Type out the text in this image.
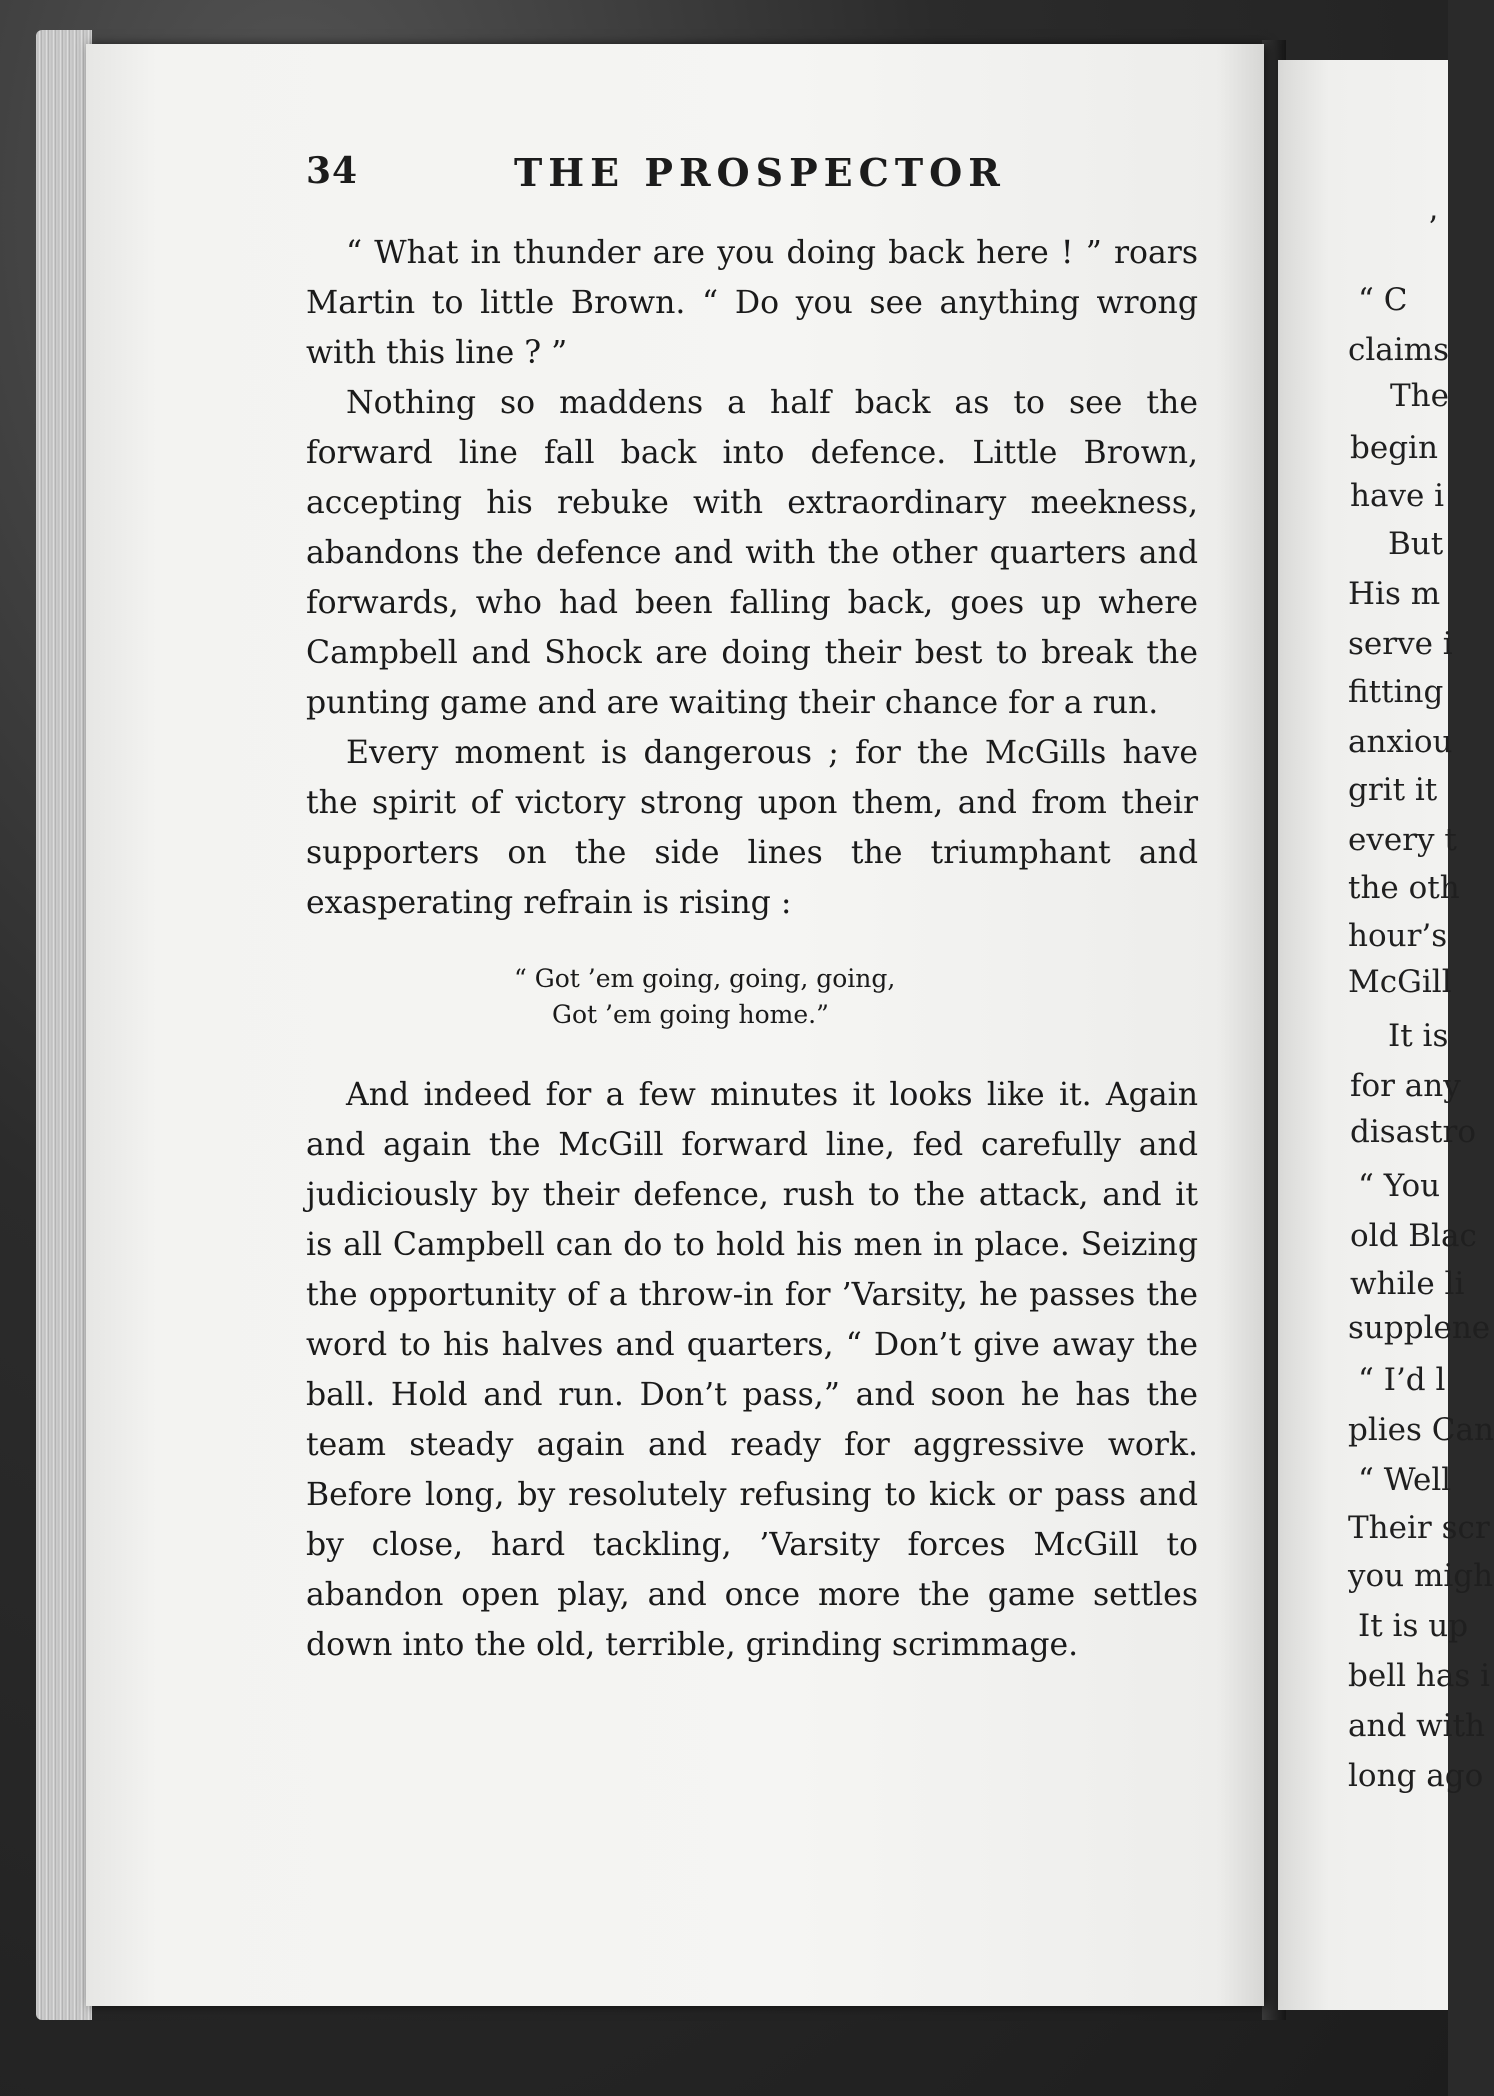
’
“ C
claims
The
begin
have i
But
His m
serve i
fitting
anxiou
grit it
every t
the oth
hour’s
McGill
It is
for any
disastro
“ You
old Blac
while li
supplene
“ I’d l
plies Can
“ Well
Their scr
you migh
It is up
bell has i
and with
long ago
34	THE PROSPECTOR

“ What in thunder are you doing back here ! ” roars Martin to little Brown. “ Do you see anything wrong with this line ? ”

Nothing so maddens a half back as to see the forward line fall back into defence. Little Brown, accepting his rebuke with extraordinary meekness, abandons the defence and with the other quarters and forwards, who had been falling back, goes up where Campbell and Shock are doing their best to break the punting game and are waiting their chance for a run.

Every moment is dangerous ; for the McGills have the spirit of victory strong upon them, and from their supporters on the side lines the triumphant and exasperating refrain is rising :

“ Got ’em going, going, going,
Got ’em going home.”

And indeed for a few minutes it looks like it. Again and again the McGill forward line, fed carefully and judiciously by their defence, rush to the attack, and it is all Campbell can do to hold his men in place. Seizing the opportunity of a throw-in for ’Varsity, he passes the word to his halves and quarters, “ Don’t give away the ball. Hold and run. Don’t pass,” and soon he has the team steady again and ready for aggressive work. Before long, by resolutely refusing to kick or pass and by close, hard tackling, ’Varsity forces McGill to abandon open play, and once more the game settles down into the old, terrible, grinding scrimmage.
